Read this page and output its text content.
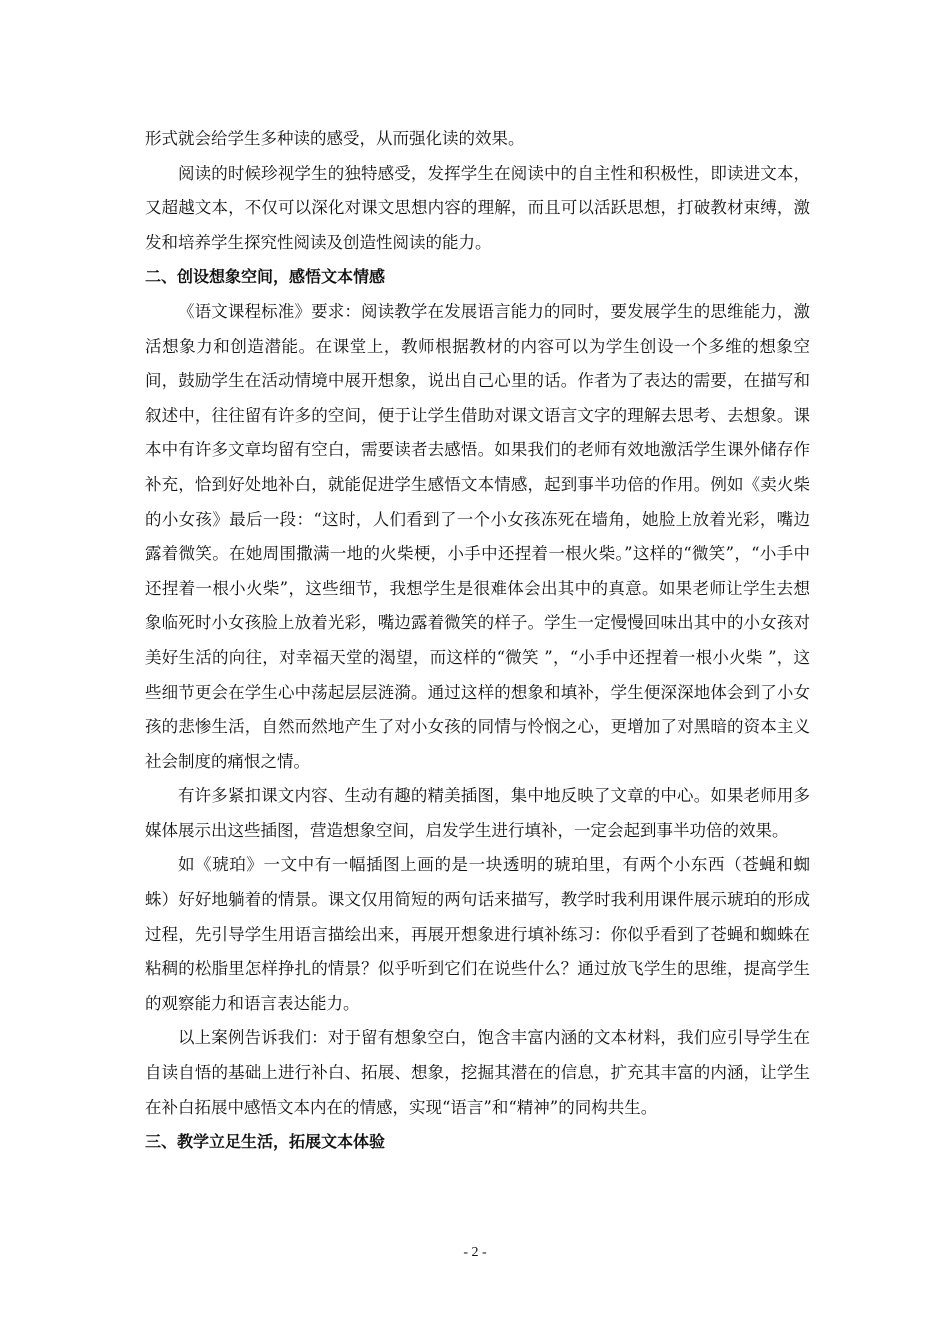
形式就会给学生多种读的感受，从而强化读的效果。

阅读的时候珍视学生的独特感受，发挥学生在阅读中的自主性和积极性，即读进文本，又超越文本，不仅可以深化对课文思想内容的理解，而且可以活跃思想，打破教材束缚，激发和培养学生探究性阅读及创造性阅读的能力。

二、创设想象空间，感悟文本情感

《语文课程标准》要求：阅读教学在发展语言能力的同时，要发展学生的思维能力，激活想象力和创造潜能。在课堂上，教师根据教材的内容可以为学生创设一个多维的想象空间，鼓励学生在活动情境中展开想象，说出自己心里的话。作者为了表达的需要，在描写和叙述中，往往留有许多的空间，便于让学生借助对课文语言文字的理解去思考、去想象。课本中有许多文章均留有空白，需要读者去感悟。如果我们的老师有效地激活学生课外储存作补充，恰到好处地补白，就能促进学生感悟文本情感，起到事半功倍的作用。例如《卖火柴的小女孩》最后一段：“这时，人们看到了一个小女孩冻死在墙角，她脸上放着光彩，嘴边露着微笑。在她周围撒满一地的火柴梗，小手中还捏着一根火柴。”这样的“微笑”，“小手中还捏着一根小火柴”，这些细节，我想学生是很难体会出其中的真意。如果老师让学生去想象临死时小女孩脸上放着光彩，嘴边露着微笑的样子。学生一定慢慢回味出其中的小女孩对美好生活的向往，对幸福天堂的渴望，而这样的“微笑 ”，“小手中还捏着一根小火柴 ”，这些细节更会在学生心中荡起层层涟漪。通过这样的想象和填补，学生便深深地体会到了小女孩的悲惨生活，自然而然地产生了对小女孩的同情与怜悯之心，更增加了对黑暗的资本主义社会制度的痛恨之情。

有许多紧扣课文内容、生动有趣的精美插图，集中地反映了文章的中心。如果老师用多媒体展示出这些插图，营造想象空间，启发学生进行填补，一定会起到事半功倍的效果。

如《琥珀》一文中有一幅插图上画的是一块透明的琥珀里，有两个小东西（苍蝇和蜘蛛）好好地躺着的情景。课文仅用简短的两句话来描写，教学时我利用课件展示琥珀的形成过程，先引导学生用语言描绘出来，再展开想象进行填补练习：你似乎看到了苍蝇和蜘蛛在粘稠的松脂里怎样挣扎的情景？似乎听到它们在说些什么？通过放飞学生的思维，提高学生的观察能力和语言表达能力。

以上案例告诉我们：对于留有想象空白，饱含丰富内涵的文本材料，我们应引导学生在自读自悟的基础上进行补白、拓展、想象，挖掘其潜在的信息，扩充其丰富的内涵，让学生在补白拓展中感悟文本内在的情感，实现“语言”和“精神”的同构共生。

三、教学立足生活，拓展文本体验

- 2 -
